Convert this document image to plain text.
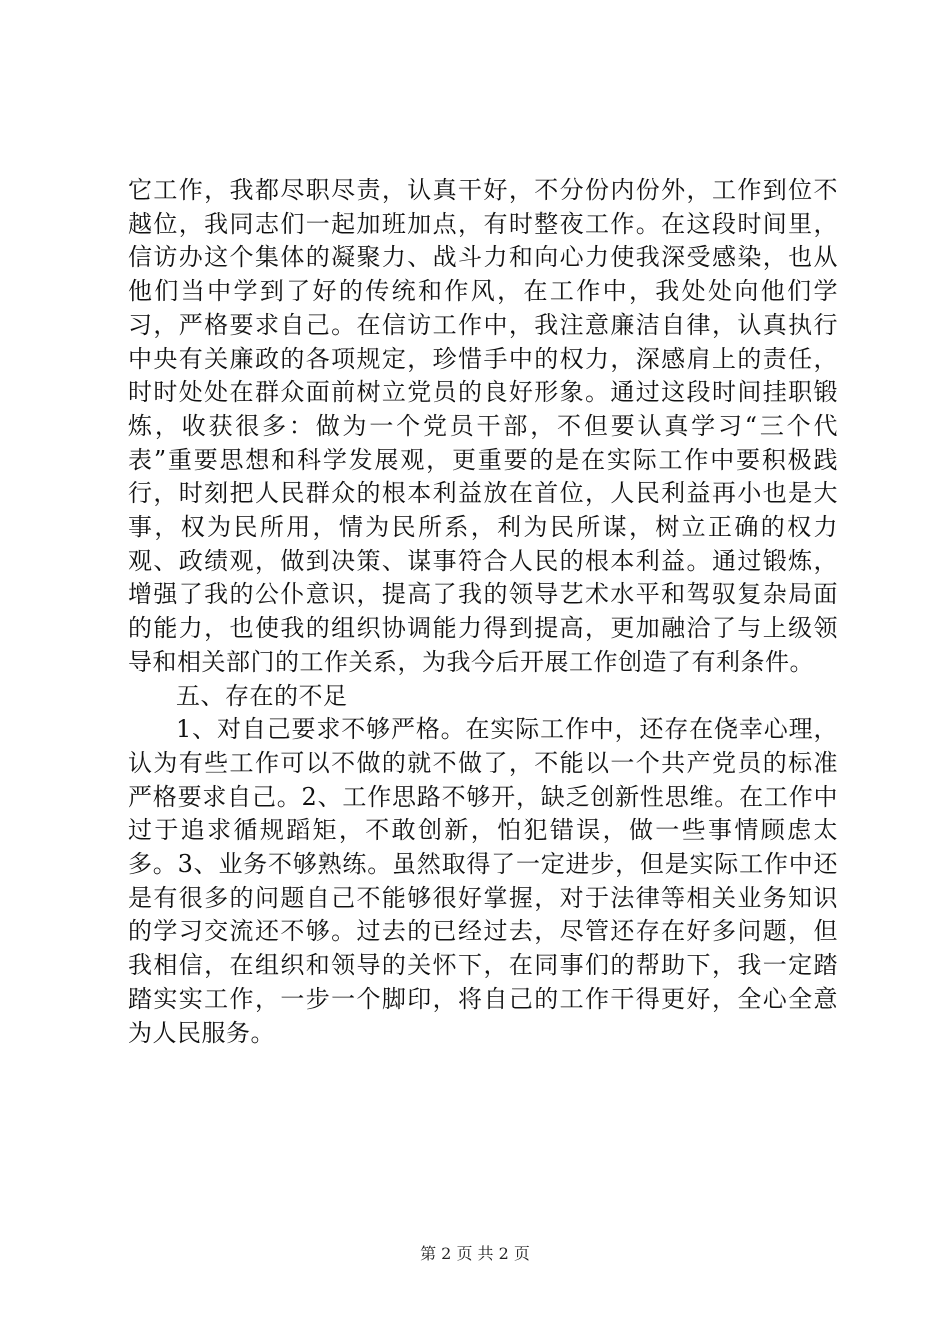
它工作，我都尽职尽责，认真干好，不分份内份外，工作到位不越位，我同志们一起加班加点，有时整夜工作。在这段时间里，信访办这个集体的凝聚力、战斗力和向心力使我深受感染，也从他们当中学到了好的传统和作风，在工作中，我处处向他们学习，严格要求自己。在信访工作中，我注意廉洁自律，认真执行中央有关廉政的各项规定，珍惜手中的权力，深感肩上的责任，时时处处在群众面前树立党员的良好形象。通过这段时间挂职锻炼，收获很多：做为一个党员干部，不但要认真学习“三个代表”重要思想和科学发展观，更重要的是在实际工作中要积极践行，时刻把人民群众的根本利益放在首位，人民利益再小也是大事，权为民所用，情为民所系，利为民所谋，树立正确的权力观、政绩观，做到决策、谋事符合人民的根本利益。通过锻炼，增强了我的公仆意识，提高了我的领导艺术水平和驾驭复杂局面的能力，也使我的组织协调能力得到提高，更加融洽了与上级领导和相关部门的工作关系，为我今后开展工作创造了有利条件。

五、存在的不足

1、对自己要求不够严格。在实际工作中，还存在侥幸心理，认为有些工作可以不做的就不做了，不能以一个共产党员的标准严格要求自己。2、工作思路不够开，缺乏创新性思维。在工作中过于追求循规蹈矩，不敢创新，怕犯错误，做一些事情顾虑太多。3、业务不够熟练。虽然取得了一定进步，但是实际工作中还是有很多的问题自己不能够很好掌握，对于法律等相关业务知识的学习交流还不够。过去的已经过去，尽管还存在好多问题，但我相信，在组织和领导的关怀下，在同事们的帮助下，我一定踏踏实实工作，一步一个脚印，将自己的工作干得更好，全心全意为人民服务。

第 2 页 共 2 页
